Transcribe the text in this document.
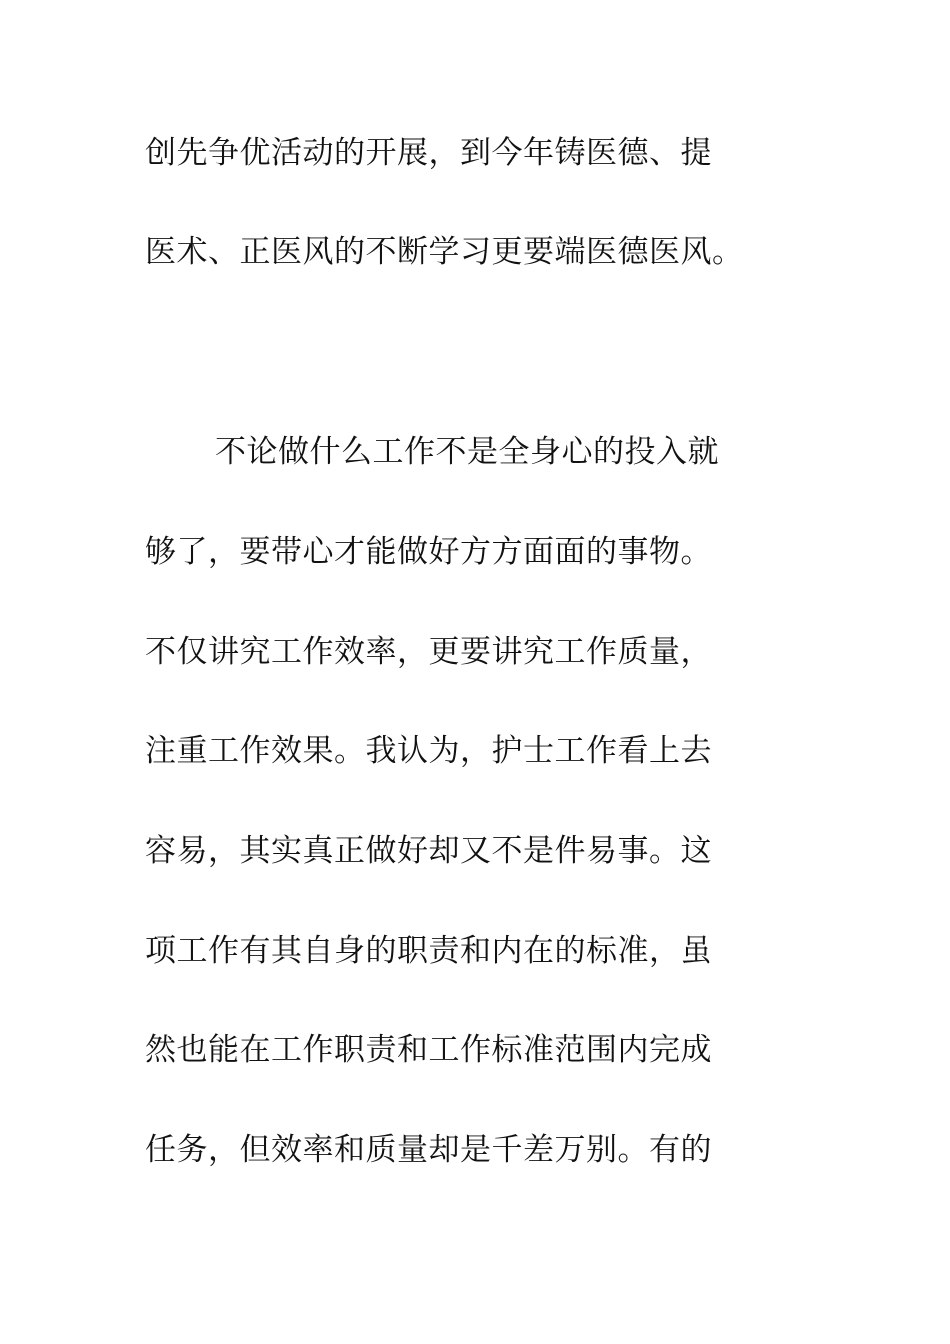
创先争优活动的开展，到今年铸医德、提
医术、正医风的不断学习更要端医德医风。
不论做什么工作不是全身心的投入就
够了，要带心才能做好方方面面的事物。
不仅讲究工作效率，更要讲究工作质量，
注重工作效果。我认为，护士工作看上去
容易，其实真正做好却又不是件易事。这
项工作有其自身的职责和内在的标准，虽
然也能在工作职责和工作标准范围内完成
任务，但效率和质量却是千差万别。有的
